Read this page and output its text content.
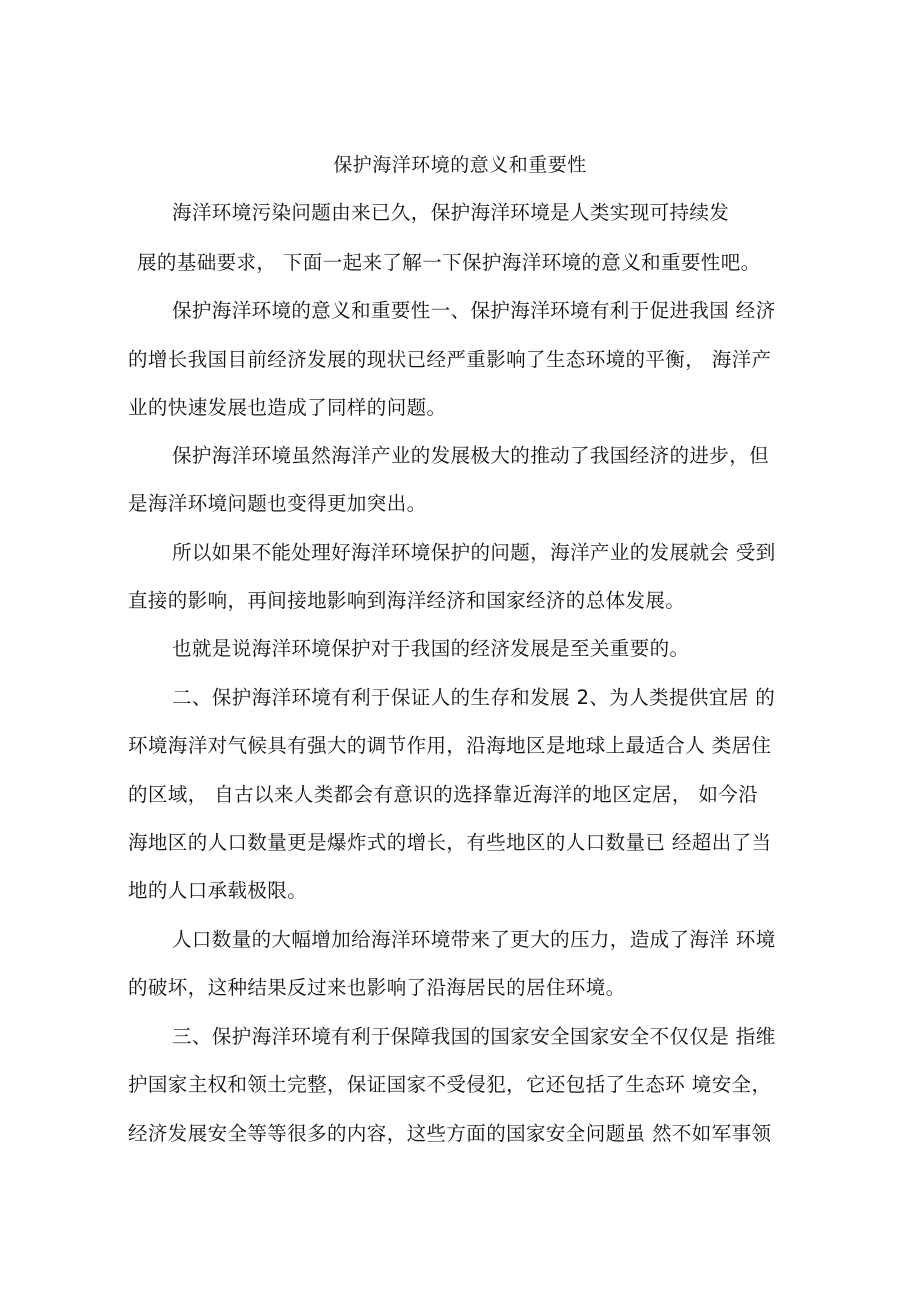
保护海洋环境的意义和重要性
海洋环境污染问题由来已久，保护海洋环境是人类实现可持续发
展的基础要求， 下面一起来了解一下保护海洋环境的意义和重要性吧。
保护海洋环境的意义和重要性一、保护海洋环境有利于促进我国 经济
的增长我国目前经济发展的现状已经严重影响了生态环境的平衡， 海洋产
业的快速发展也造成了同样的问题。
保护海洋环境虽然海洋产业的发展极大的推动了我国经济的进步，但
是海洋环境问题也变得更加突出。
所以如果不能处理好海洋环境保护的问题，海洋产业的发展就会 受到
直接的影响，再间接地影响到海洋经济和国家经济的总体发展。
也就是说海洋环境保护对于我国的经济发展是至关重要的。
二、保护海洋环境有利于保证人的生存和发展 2、为人类提供宜居 的
环境海洋对气候具有强大的调节作用，沿海地区是地球上最适合人 类居住
的区域， 自古以来人类都会有意识的选择靠近海洋的地区定居， 如今沿
海地区的人口数量更是爆炸式的增长，有些地区的人口数量已 经超出了当
地的人口承载极限。
人口数量的大幅增加给海洋环境带来了更大的压力，造成了海洋 环境
的破坏，这种结果反过来也影响了沿海居民的居住环境。
三、保护海洋环境有利于保障我国的国家安全国家安全不仅仅是 指维
护国家主权和领土完整，保证国家不受侵犯，它还包括了生态环 境安全，
经济发展安全等等很多的内容，这些方面的国家安全问题虽 然不如军事领
